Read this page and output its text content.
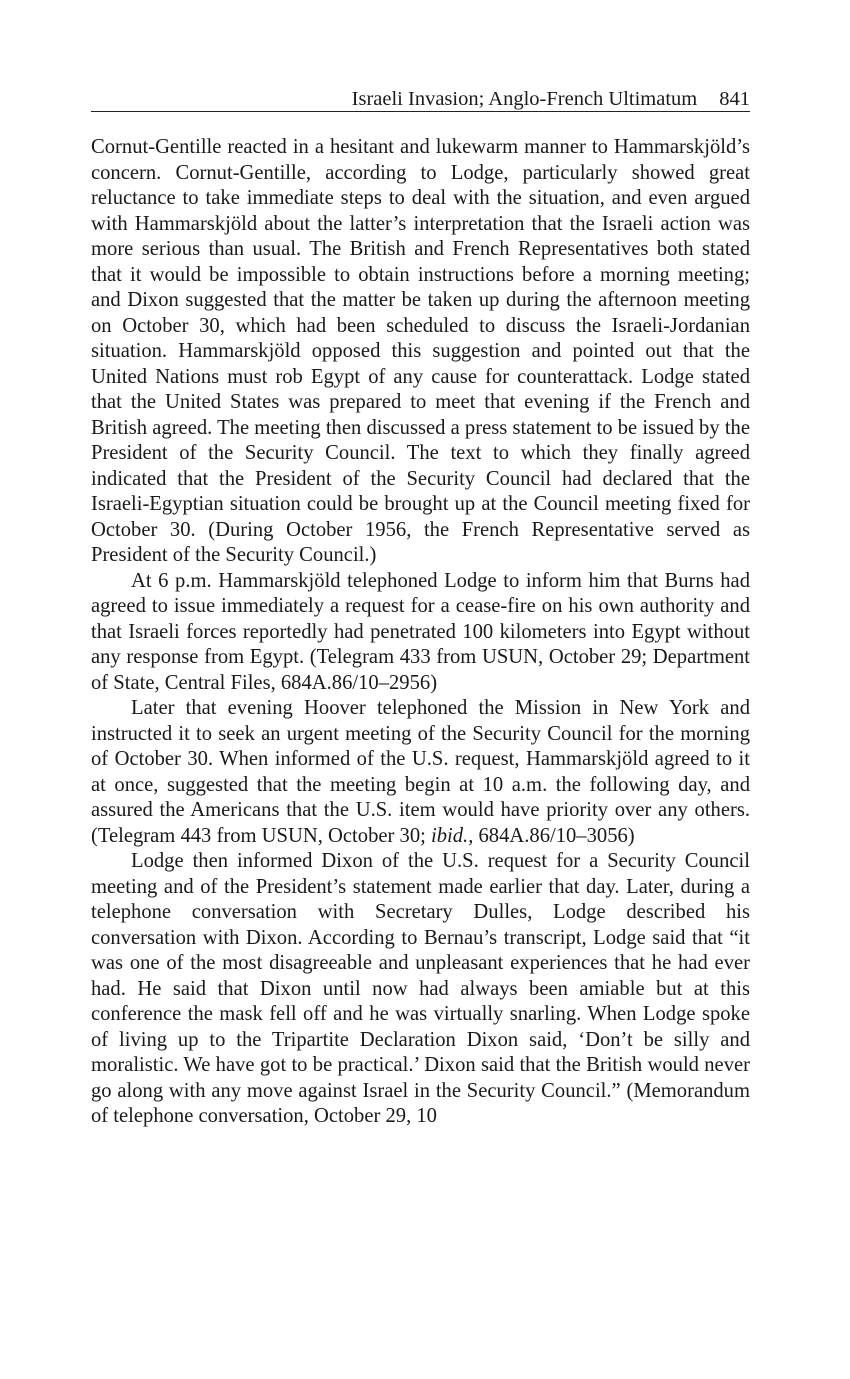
Israeli Invasion; Anglo-French Ultimatum 841

Cornut-Gentille reacted in a hesitant and lukewarm manner to Hammarskjöld’s concern. Cornut-Gentille, according to Lodge, particularly showed great reluctance to take immediate steps to deal with the situation, and even argued with Hammarskjöld about the latter’s interpretation that the Israeli action was more serious than usual. The British and French Representatives both stated that it would be impossible to obtain instructions before a morning meeting; and Dixon suggested that the matter be taken up during the afternoon meeting on October 30, which had been scheduled to discuss the Israeli-Jordanian situation. Hammarskjöld opposed this suggestion and pointed out that the United Nations must rob Egypt of any cause for counterattack. Lodge stated that the United States was prepared to meet that evening if the French and British agreed. The meeting then discussed a press statement to be issued by the President of the Security Council. The text to which they finally agreed indicated that the President of the Security Council had declared that the Israeli-Egyptian situation could be brought up at the Council meeting fixed for October 30. (During October 1956, the French Representative served as President of the Security Council.)

At 6 p.m. Hammarskjöld telephoned Lodge to inform him that Burns had agreed to issue immediately a request for a cease-fire on his own authority and that Israeli forces reportedly had penetrated 100 kilometers into Egypt without any response from Egypt. (Telegram 433 from USUN, October 29; Department of State, Central Files, 684A.86/10–2956)

Later that evening Hoover telephoned the Mission in New York and instructed it to seek an urgent meeting of the Security Council for the morning of October 30. When informed of the U.S. request, Hammarskjöld agreed to it at once, suggested that the meeting begin at 10 a.m. the following day, and assured the Americans that the U.S. item would have priority over any others. (Telegram 443 from USUN, October 30; ibid., 684A.86/10–3056)

Lodge then informed Dixon of the U.S. request for a Security Council meeting and of the President’s statement made earlier that day. Later, during a telephone conversation with Secretary Dulles, Lodge described his conversation with Dixon. According to Bernau’s transcript, Lodge said that “it was one of the most disagreeable and unpleasant experiences that he had ever had. He said that Dixon until now had always been amiable but at this conference the mask fell off and he was virtually snarling. When Lodge spoke of living up to the Tripartite Declaration Dixon said, ‘Don’t be silly and moralistic. We have got to be practical.’ Dixon said that the British would never go along with any move against Israel in the Security Council.” (Memorandum of telephone conversation, October 29, 10
